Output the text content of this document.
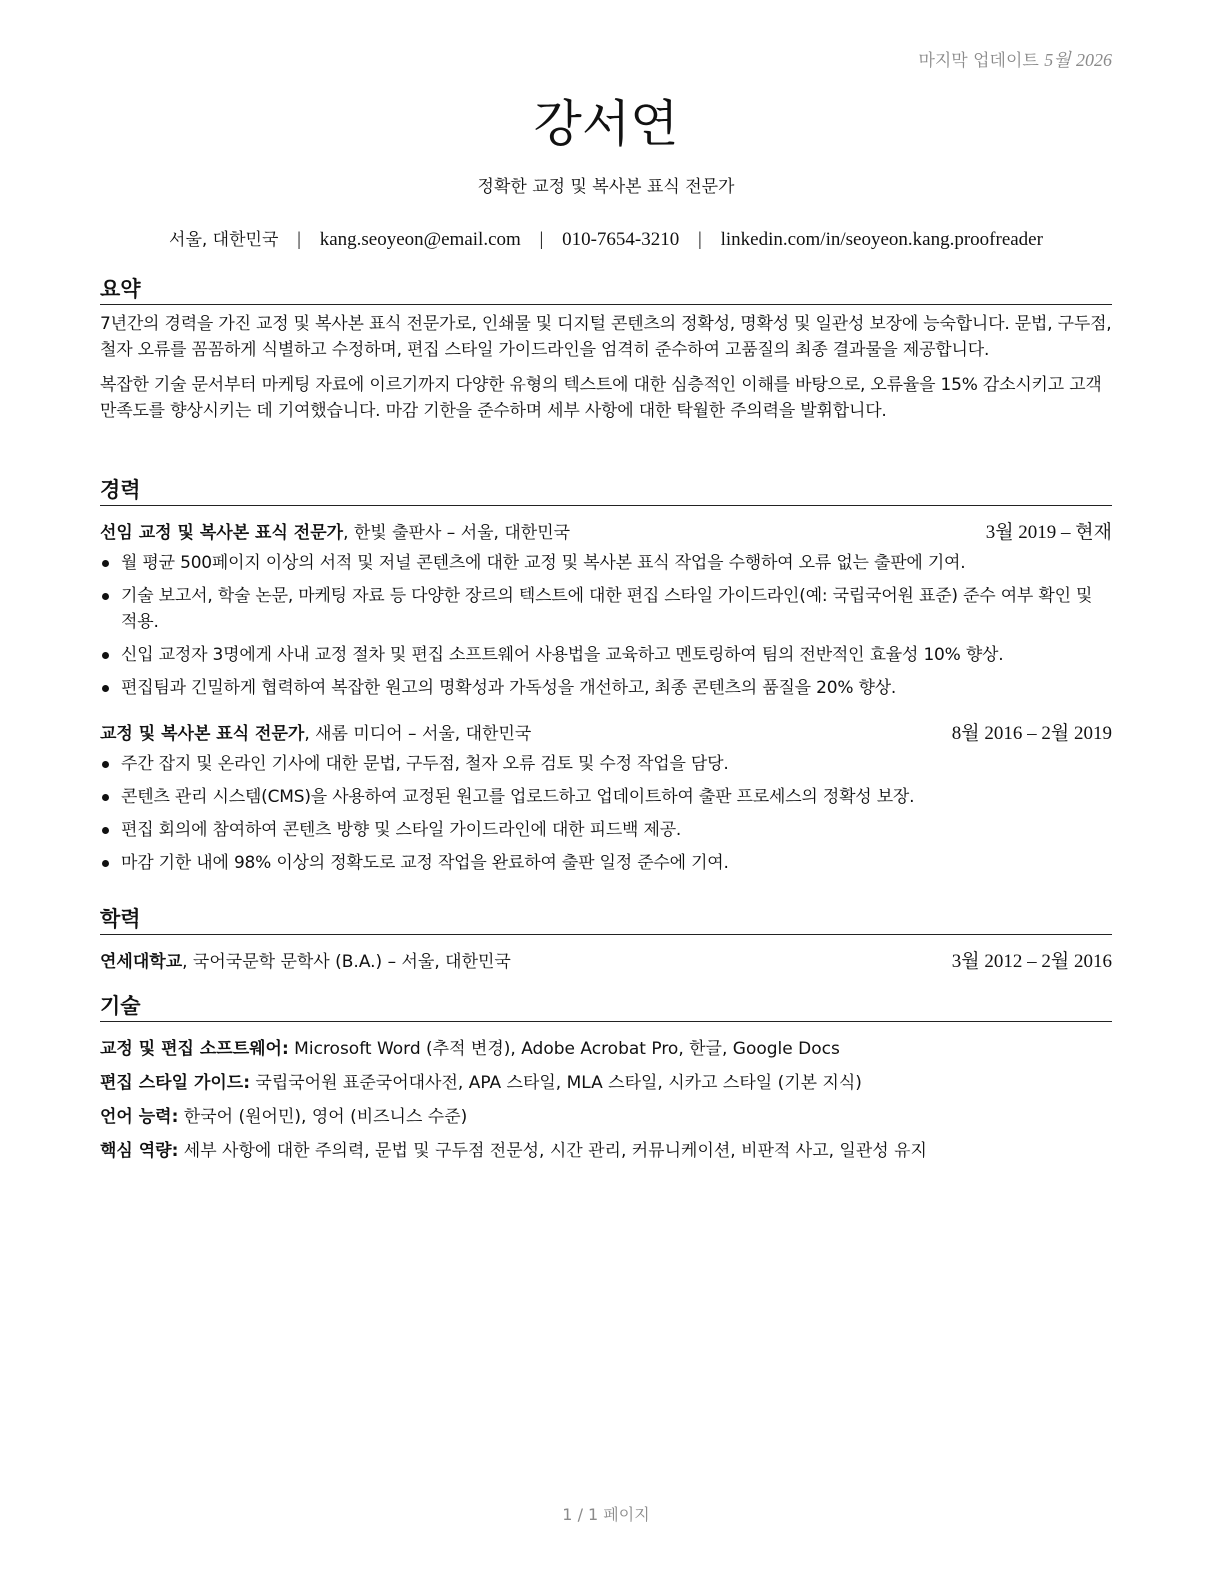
마지막 업데이트 5월 2026
강서연
정확한 교정 및 복사본 표식 전문가
서울, 대한민국 | kang.seoyeon@email.com | 010-7654-3210 | linkedin.com/in/seoyeon.kang.proofreader
요약

7년간의 경력을 가진 교정 및 복사본 표식 전문가로, 인쇄물 및 디지털 콘텐츠의 정확성, 명확성 및 일관성 보장에 능숙합니다. 문법, 구두점, 철자 오류를 꼼꼼하게 식별하고 수정하며, 편집 스타일 가이드라인을 엄격히 준수하여 고품질의 최종 결과물을 제공합니다.

복잡한 기술 문서부터 마케팅 자료에 이르기까지 다양한 유형의 텍스트에 대한 심층적인 이해를 바탕으로, 오류율을 15% 감소시키고 고객 만족도를 향상시키는 데 기여했습니다. 마감 기한을 준수하며 세부 사항에 대한 탁월한 주의력을 발휘합니다.

경력
선임 교정 및 복사본 표식 전문가, 한빛 출판사 – 서울, 대한민국	3월 2019 – 현재
월 평균 500페이지 이상의 서적 및 저널 콘텐츠에 대한 교정 및 복사본 표식 작업을 수행하여 오류 없는 출판에 기여.
기술 보고서, 학술 논문, 마케팅 자료 등 다양한 장르의 텍스트에 대한 편집 스타일 가이드라인(예: 국립국어원 표준) 준수 여부 확인 및 적용.
신입 교정자 3명에게 사내 교정 절차 및 편집 소프트웨어 사용법을 교육하고 멘토링하여 팀의 전반적인 효율성 10% 향상.
편집팀과 긴밀하게 협력하여 복잡한 원고의 명확성과 가독성을 개선하고, 최종 콘텐츠의 품질을 20% 향상.
교정 및 복사본 표식 전문가, 새롬 미디어 – 서울, 대한민국	8월 2016 – 2월 2019
주간 잡지 및 온라인 기사에 대한 문법, 구두점, 철자 오류 검토 및 수정 작업을 담당.
콘텐츠 관리 시스템(CMS)을 사용하여 교정된 원고를 업로드하고 업데이트하여 출판 프로세스의 정확성 보장.
편집 회의에 참여하여 콘텐츠 방향 및 스타일 가이드라인에 대한 피드백 제공.
마감 기한 내에 98% 이상의 정확도로 교정 작업을 완료하여 출판 일정 준수에 기여.
학력
연세대학교, 국어국문학 문학사 (B.A.) – 서울, 대한민국	3월 2012 – 2월 2016
기술

교정 및 편집 소프트웨어: Microsoft Word (추적 변경), Adobe Acrobat Pro, 한글, Google Docs

편집 스타일 가이드: 국립국어원 표준국어대사전, APA 스타일, MLA 스타일, 시카고 스타일 (기본 지식)

언어 능력: 한국어 (원어민), 영어 (비즈니스 수준)

핵심 역량: 세부 사항에 대한 주의력, 문법 및 구두점 전문성, 시간 관리, 커뮤니케이션, 비판적 사고, 일관성 유지

1 / 1 페이지
